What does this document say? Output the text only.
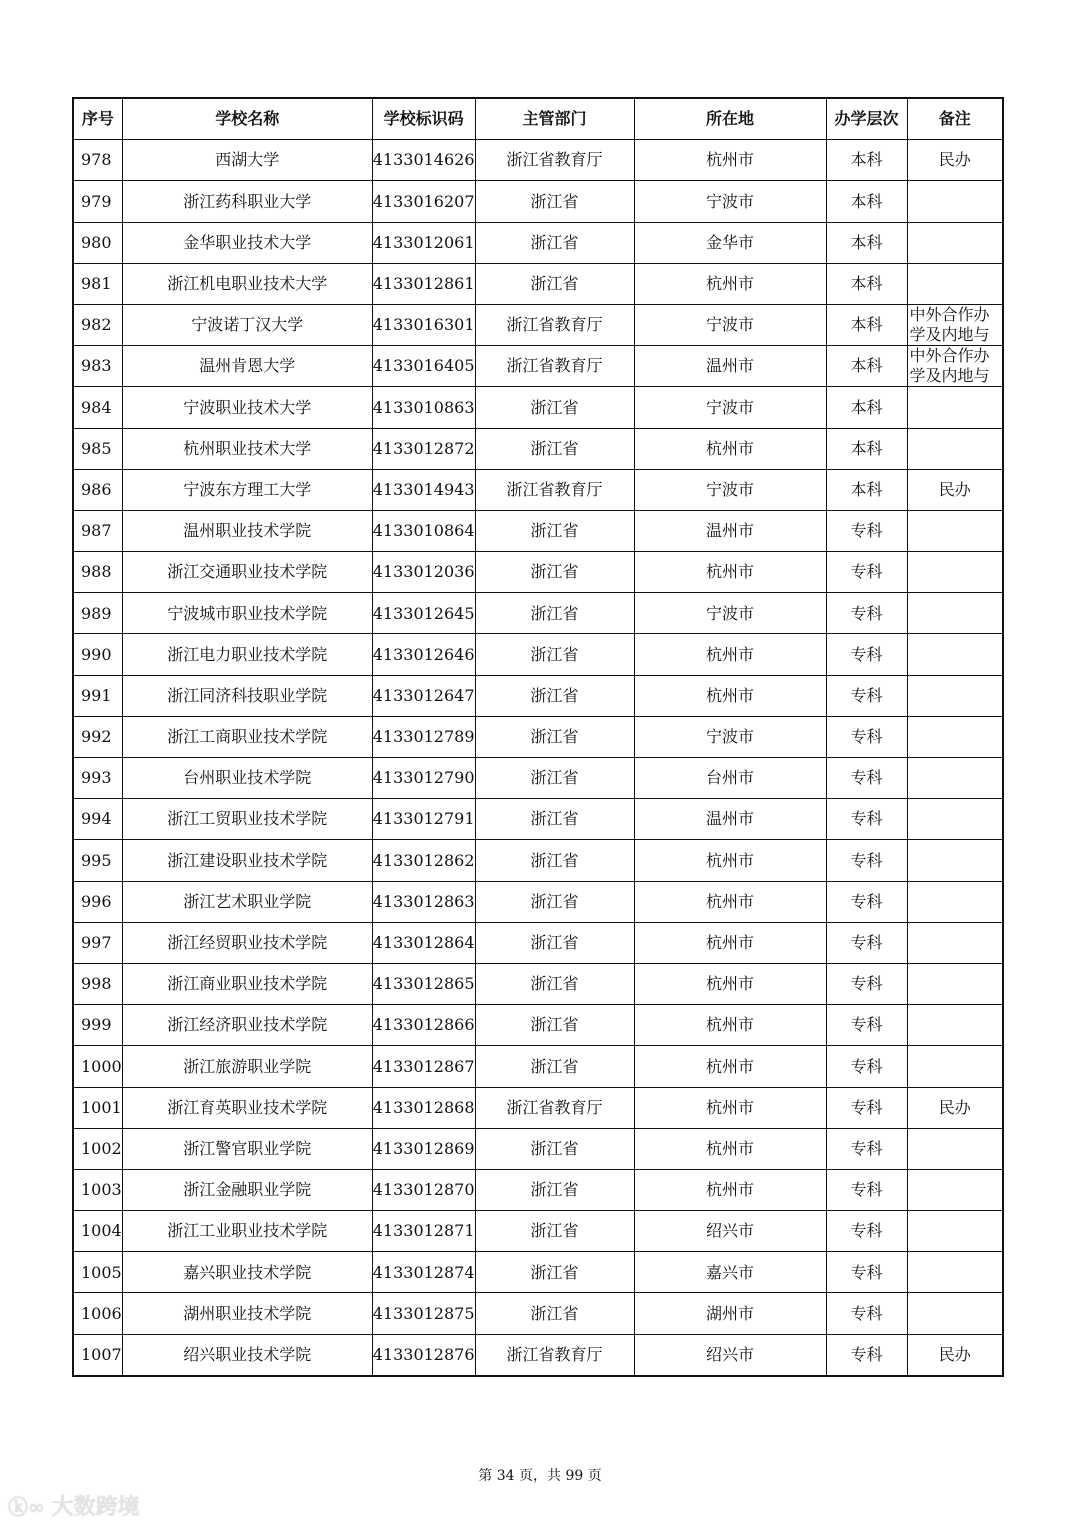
序号	学校名称	学校标识码	主管部门	所在地	办学层次	备注
978	西湖大学	4133014626	浙江省教育厅	杭州市	本科	民办
979	浙江药科职业大学	4133016207	浙江省	宁波市	本科	
980	金华职业技术大学	4133012061	浙江省	金华市	本科	
981	浙江机电职业技术大学	4133012861	浙江省	杭州市	本科	
982	宁波诺丁汉大学	4133016301	浙江省教育厅	宁波市	本科	中外合作办学及内地与
983	温州肯恩大学	4133016405	浙江省教育厅	温州市	本科	中外合作办学及内地与
984	宁波职业技术大学	4133010863	浙江省	宁波市	本科	
985	杭州职业技术大学	4133012872	浙江省	杭州市	本科	
986	宁波东方理工大学	4133014943	浙江省教育厅	宁波市	本科	民办
987	温州职业技术学院	4133010864	浙江省	温州市	专科	
988	浙江交通职业技术学院	4133012036	浙江省	杭州市	专科	
989	宁波城市职业技术学院	4133012645	浙江省	宁波市	专科	
990	浙江电力职业技术学院	4133012646	浙江省	杭州市	专科	
991	浙江同济科技职业学院	4133012647	浙江省	杭州市	专科	
992	浙江工商职业技术学院	4133012789	浙江省	宁波市	专科	
993	台州职业技术学院	4133012790	浙江省	台州市	专科	
994	浙江工贸职业技术学院	4133012791	浙江省	温州市	专科	
995	浙江建设职业技术学院	4133012862	浙江省	杭州市	专科	
996	浙江艺术职业学院	4133012863	浙江省	杭州市	专科	
997	浙江经贸职业技术学院	4133012864	浙江省	杭州市	专科	
998	浙江商业职业技术学院	4133012865	浙江省	杭州市	专科	
999	浙江经济职业技术学院	4133012866	浙江省	杭州市	专科	
1000	浙江旅游职业学院	4133012867	浙江省	杭州市	专科	
1001	浙江育英职业技术学院	4133012868	浙江省教育厅	杭州市	专科	民办
1002	浙江警官职业学院	4133012869	浙江省	杭州市	专科	
1003	浙江金融职业学院	4133012870	浙江省	杭州市	专科	
1004	浙江工业职业技术学院	4133012871	浙江省	绍兴市	专科	
1005	嘉兴职业技术学院	4133012874	浙江省	嘉兴市	专科	
1006	湖州职业技术学院	4133012875	浙江省	湖州市	专科	
1007	绍兴职业技术学院	4133012876	浙江省教育厅	绍兴市	专科	民办
第 34 页，共 99 页
ⓚ∞ 大数跨境
